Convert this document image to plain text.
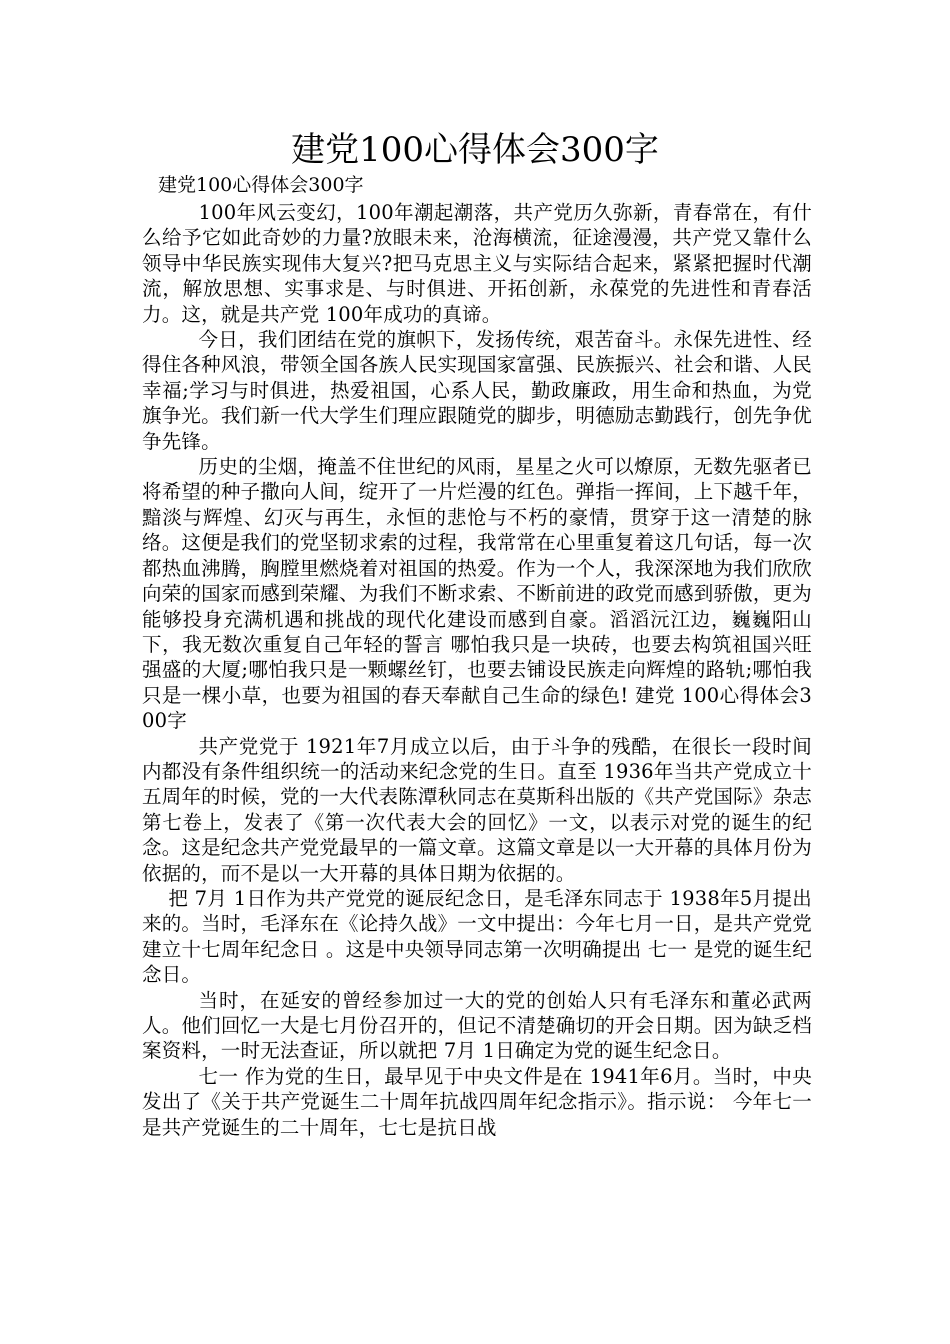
建党100心得体会300字

建党100心得体会300字

100年风云变幻，100年潮起潮落，共产党历久弥新，青春常在，有什么给予它如此奇妙的力量?放眼未来，沧海横流，征途漫漫，共产党又靠什么领导中华民族实现伟大复兴?把马克思主义与实际结合起来，紧紧把握时代潮流，解放思想、实事求是、与时俱进、开拓创新，永葆党的先进性和青春活力。这，就是共产党 100年成功的真谛。

今日，我们团结在党的旗帜下，发扬传统，艰苦奋斗。永保先进性、经得住各种风浪，带领全国各族人民实现国家富强、民族振兴、社会和谐、人民幸福;学习与时俱进，热爱祖国，心系人民，勤政廉政，用生命和热血，为党旗争光。我们新一代大学生们理应跟随党的脚步，明德励志勤践行，创先争优争先锋。

历史的尘烟，掩盖不住世纪的风雨，星星之火可以燎原，无数先驱者已将希望的种子撒向人间，绽开了一片烂漫的红色。弹指一挥间，上下越千年，黯淡与辉煌、幻灭与再生，永恒的悲怆与不朽的豪情，贯穿于这一清楚的脉络。这便是我们的党坚韧求索的过程，我常常在心里重复着这几句话，每一次都热血沸腾，胸膛里燃烧着对祖国的热爱。作为一个人，我深深地为我们欣欣向荣的国家而感到荣耀、为我们不断求索、不断前进的政党而感到骄傲，更为能够投身充满机遇和挑战的现代化建设而感到自豪。滔滔沅江边，巍巍阳山下，我无数次重复自己年轻的誓言 哪怕我只是一块砖，也要去构筑祖国兴旺强盛的大厦;哪怕我只是一颗螺丝钉，也要去铺设民族走向辉煌的路轨;哪怕我只是一棵小草，也要为祖国的春天奉献自己生命的绿色! 建党 100心得体会300字

共产党党于 1921年7月成立以后，由于斗争的残酷，在很长一段时间内都没有条件组织统一的活动来纪念党的生日。直至 1936年当共产党成立十五周年的时候，党的一大代表陈潭秋同志在莫斯科出版的《共产党国际》杂志第七卷上，发表了《第一次代表大会的回忆》一文，以表示对党的诞生的纪念。这是纪念共产党党最早的一篇文章。这篇文章是以一大开幕的具体月份为依据的，而不是以一大开幕的具体日期为依据的。

把 7月 1日作为共产党党的诞辰纪念日，是毛泽东同志于 1938年5月提出来的。当时，毛泽东在《论持久战》一文中提出：今年七月一日，是共产党党建立十七周年纪念日 。这是中央领导同志第一次明确提出 七一 是党的诞生纪念日。

当时，在延安的曾经参加过一大的党的创始人只有毛泽东和董必武两人。他们回忆一大是七月份召开的，但记不清楚确切的开会日期。因为缺乏档案资料，一时无法查证，所以就把 7月 1日确定为党的诞生纪念日。

七一 作为党的生日，最早见于中央文件是在 1941年6月。当时，中央发出了《关于共产党诞生二十周年抗战四周年纪念指示》。指示说： 今年七一是共产党诞生的二十周年，七七是抗日战
